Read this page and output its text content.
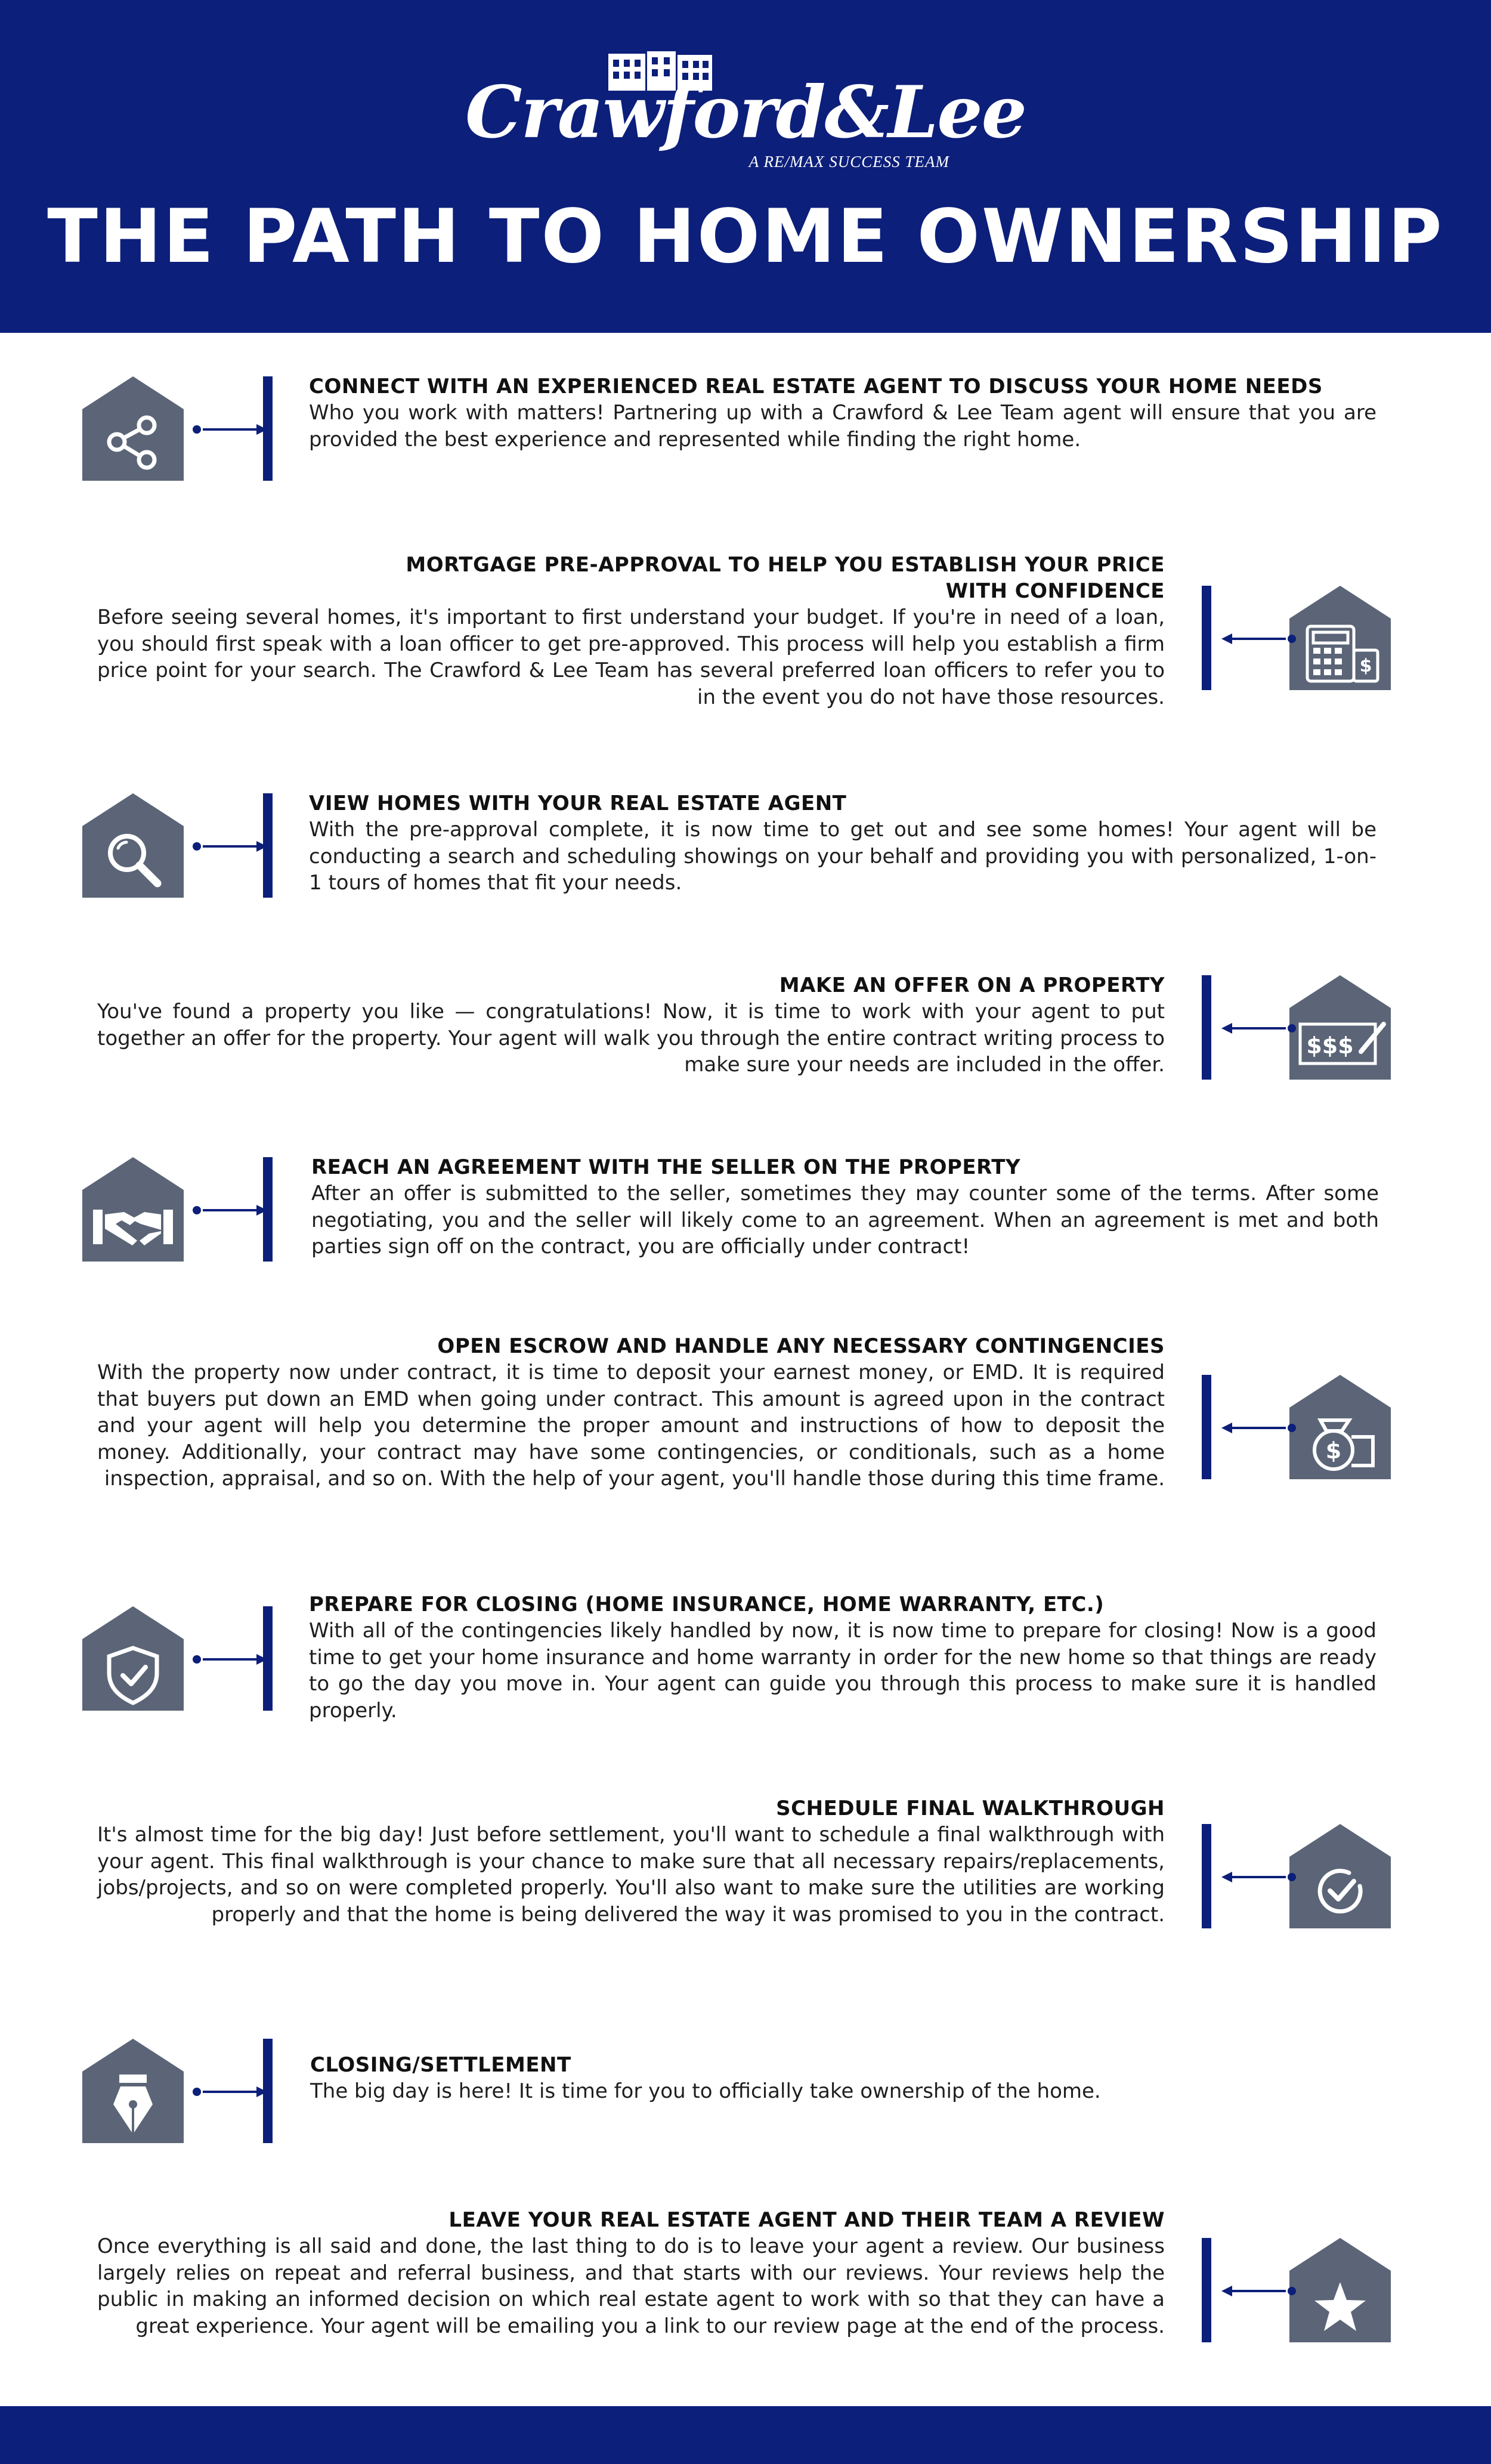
Crawford&Lee
A RE/MAX SUCCESS TEAM
THE PATH TO HOME OWNERSHIP

CONNECT WITH AN EXPERIENCED REAL ESTATE AGENT TO DISCUSS YOUR HOME NEEDS

Who you work with matters! Partnering up with a Crawford & Lee Team agent will ensure that you are provided the best experience and represented while finding the right home.

$

MORTGAGE PRE-APPROVAL TO HELP YOU ESTABLISH YOUR PRICE WITH CONFIDENCE

Before seeing several homes, it's important to first understand your budget. If you're in need of a loan, you should first speak with a loan officer to get pre-approved. This process will help you establish a firm price point for your search. The Crawford & Lee Team has several preferred loan officers to refer you to in the event you do not have those resources.

VIEW HOMES WITH YOUR REAL ESTATE AGENT

With the pre-approval complete, it is now time to get out and see some homes! Your agent will be conducting a search and scheduling showings on your behalf and providing you with personalized, 1-on-1 tours of homes that fit your needs.

$$$

MAKE AN OFFER ON A PROPERTY

You've found a property you like — congratulations! Now, it is time to work with your agent to put together an offer for the property. Your agent will walk you through the entire contract writing process to make sure your needs are included in the offer.

REACH AN AGREEMENT WITH THE SELLER ON THE PROPERTY

After an offer is submitted to the seller, sometimes they may counter some of the terms. After some negotiating, you and the seller will likely come to an agreement. When an agreement is met and both parties sign off on the contract, you are officially under contract!

$

OPEN ESCROW AND HANDLE ANY NECESSARY CONTINGENCIES

With the property now under contract, it is time to deposit your earnest money, or EMD. It is required that buyers put down an EMD when going under contract. This amount is agreed upon in the contract and your agent will help you determine the proper amount and instructions of how to deposit the money. Additionally, your contract may have some contingencies, or conditionals, such as a home inspection, appraisal, and so on. With the help of your agent, you'll handle those during this time frame.

PREPARE FOR CLOSING (HOME INSURANCE, HOME WARRANTY, ETC.)

With all of the contingencies likely handled by now, it is now time to prepare for closing! Now is a good time to get your home insurance and home warranty in order for the new home so that things are ready to go the day you move in. Your agent can guide you through this process to make sure it is handled properly.

SCHEDULE FINAL WALKTHROUGH

It's almost time for the big day! Just before settlement, you'll want to schedule a final walkthrough with your agent. This final walkthrough is your chance to make sure that all necessary repairs/replacements, jobs/projects, and so on were completed properly. You'll also want to make sure the utilities are working properly and that the home is being delivered the way it was promised to you in the contract.

CLOSING/SETTLEMENT

The big day is here! It is time for you to officially take ownership of the home.

LEAVE YOUR REAL ESTATE AGENT AND THEIR TEAM A REVIEW

Once everything is all said and done, the last thing to do is to leave your agent a review. Our business largely relies on repeat and referral business, and that starts with our reviews. Your reviews help the public in making an informed decision on which real estate agent to work with so that they can have a great experience. Your agent will be emailing you a link to our review page at the end of the process.
